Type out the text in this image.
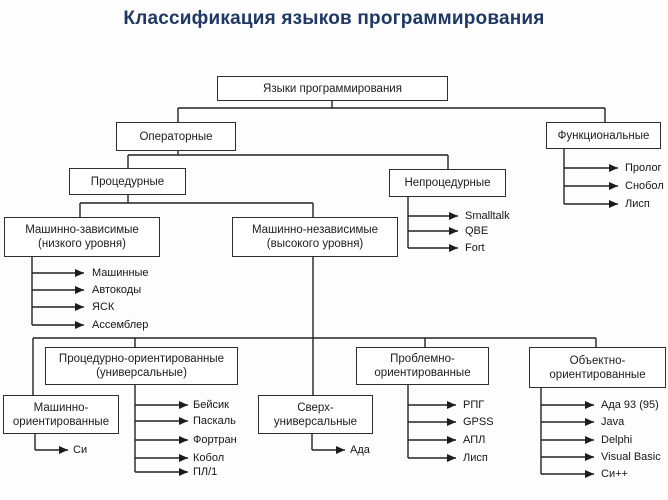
Классификация языков программирования
Языки программирования
Операторные	Функциональные
Процедурные	Непроцедурные
Машинно-зависимые
(низкого уровня)
Машинно-независимые
(высокого уровня)
Процедурно-ориентированные
(универсальные)
Проблемно-
ориентированные
Объектно-
ориентированные
Машинно-
ориентированные
Сверх-
универсальные
Машинные
Автокоды
ЯСК
Ассемблер
Smalltalk
QBE
Fort
Пролог
Снобол
Лисп
Бейсик
Паскаль
Фортран
Кобол
ПЛ/1
Си	Ада
РПГ
GPSS
АПЛ
Лисп
Ада 93 (95)
Java
Delphi
Visual Basic
Си++
